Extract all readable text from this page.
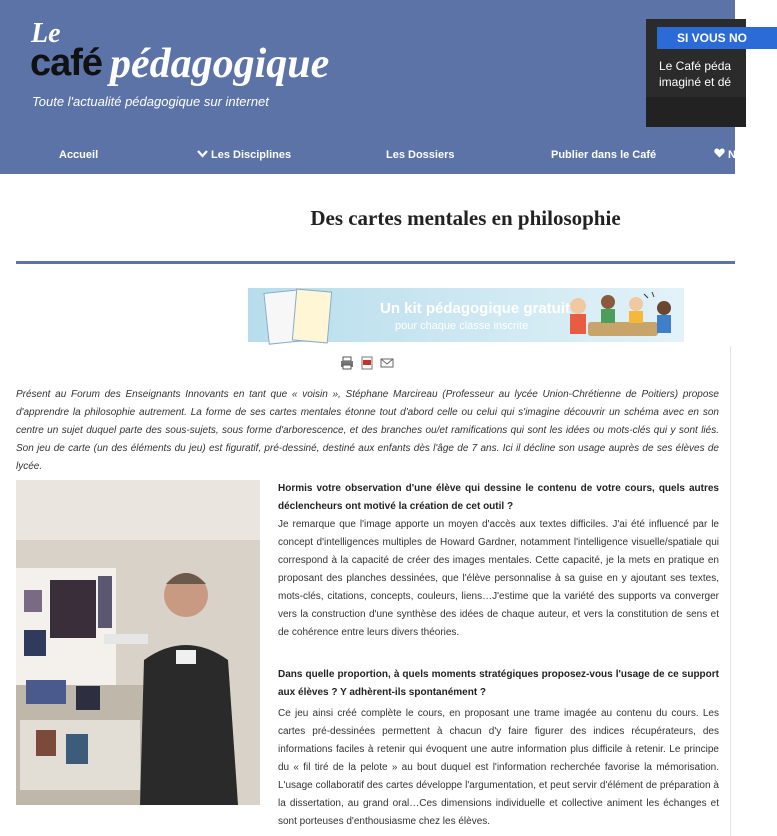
Le
café pédagogique
Toute l'actualité pédagogique sur internet
SI VOUS NO
Le Café péda
imaginé et dé
Accueil	Les Disciplines	Les Dossiers	Publier dans le Café	N
Des cartes mentales en philosophie
Un kit pédagogique gratuit
pour chaque classe inscrite

Présent au Forum des Enseignants Innovants en tant que « voisin », Stéphane Marcireau (Professeur au lycée Union-Chrétienne de Poitiers) propose d'apprendre la philosophie autrement. La forme de ses cartes mentales étonne tout d'abord celle ou celui qui s'imagine découvrir un schéma avec en son centre un sujet duquel parte des sous-sujets, sous forme d'arborescence, et des branches ou/et ramifications qui sont les idées ou mots-clés qui y sont liés. Son jeu de carte (un des éléments du jeu) est figuratif, pré-dessiné, destiné aux enfants dès l'âge de 7 ans. Ici il décline son usage auprès de ses élèves de lycée.

Hormis votre observation d'une élève qui dessine le contenu de votre cours, quels autres déclencheurs ont motivé la création de cet outil ?

Je remarque que l'image apporte un moyen d'accès aux textes difficiles. J'ai été influencé par le concept d'intelligences multiples de Howard Gardner, notamment l'intelligence visuelle/spatiale qui correspond à la capacité de créer des images mentales. Cette capacité, je la mets en pratique en proposant des planches dessinées, que l'élève personnalise à sa guise en y ajoutant ses textes, mots-clés, citations, concepts, couleurs, liens…J'estime que la variété des supports va converger vers la construction d'une synthèse des idées de chaque auteur, et vers la constitution de sens et de cohérence entre leurs divers théories.

Dans quelle proportion, à quels moments stratégiques proposez-vous l'usage de ce support aux élèves ? Y adhèrent-ils spontanément ?

Ce jeu ainsi créé complète le cours, en proposant une trame imagée au contenu du cours. Les cartes pré-dessinées permettent à chacun d'y faire figurer des indices récupérateurs, des informations faciles à retenir qui évoquent une autre information plus difficile à retenir. Le principe du « fil tiré de la pelote » au bout duquel est l'information recherchée favorise la mémorisation. L'usage collaboratif des cartes développe l'argumentation, et peut servir d'élément de préparation à la dissertation, au grand oral…Ces dimensions individuelle et collective animent les échanges et sont porteuses d'enthousiasme chez les élèves.
